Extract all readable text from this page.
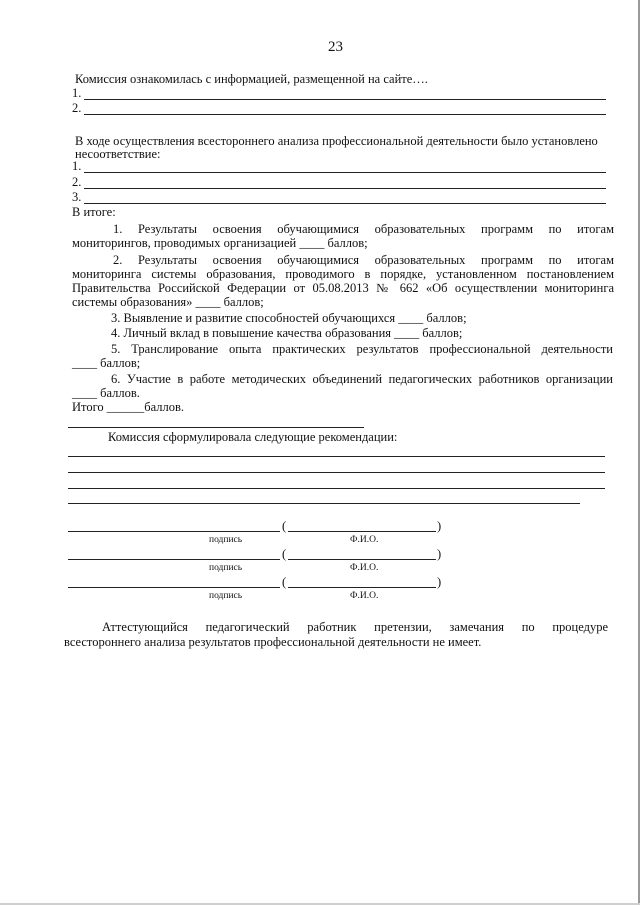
23
Комиссия ознакомилась с информацией, размещенной на сайте….
1.
2.
В ходе осуществления всестороннего анализа профессиональной деятельности было установлено
несоответствие:
1.
2.
3.
В итоге:
1. Результаты освоения обучающимися образовательных программ по итогам
мониторингов, проводимых организацией ____ баллов;
2. Результаты освоения обучающимися образовательных программ по итогам
мониторинга системы образования, проводимого в порядке, установленном постановлением
Правительства Российской Федерации от 05.08.2013 № 662 «Об осуществлении мониторинга
системы образования» ____ баллов;
3. Выявление и развитие способностей обучающихся ____ баллов;
4. Личный вклад в повышение качества образования ____ баллов;
5. Транслирование опыта практических результатов профессиональной деятельности
____ баллов;
6. Участие в работе методических объединений педагогических работников организации
____ баллов.
Итого ______баллов.
Комиссия сформулировала следующие рекомендации:
(	)
подпись	Ф.И.О.
(	)
подпись	Ф.И.О.
(	)
подпись	Ф.И.О.
Аттестующийся педагогический работник претензии, замечания по процедуре
всестороннего анализа результатов профессиональной деятельности не имеет.
